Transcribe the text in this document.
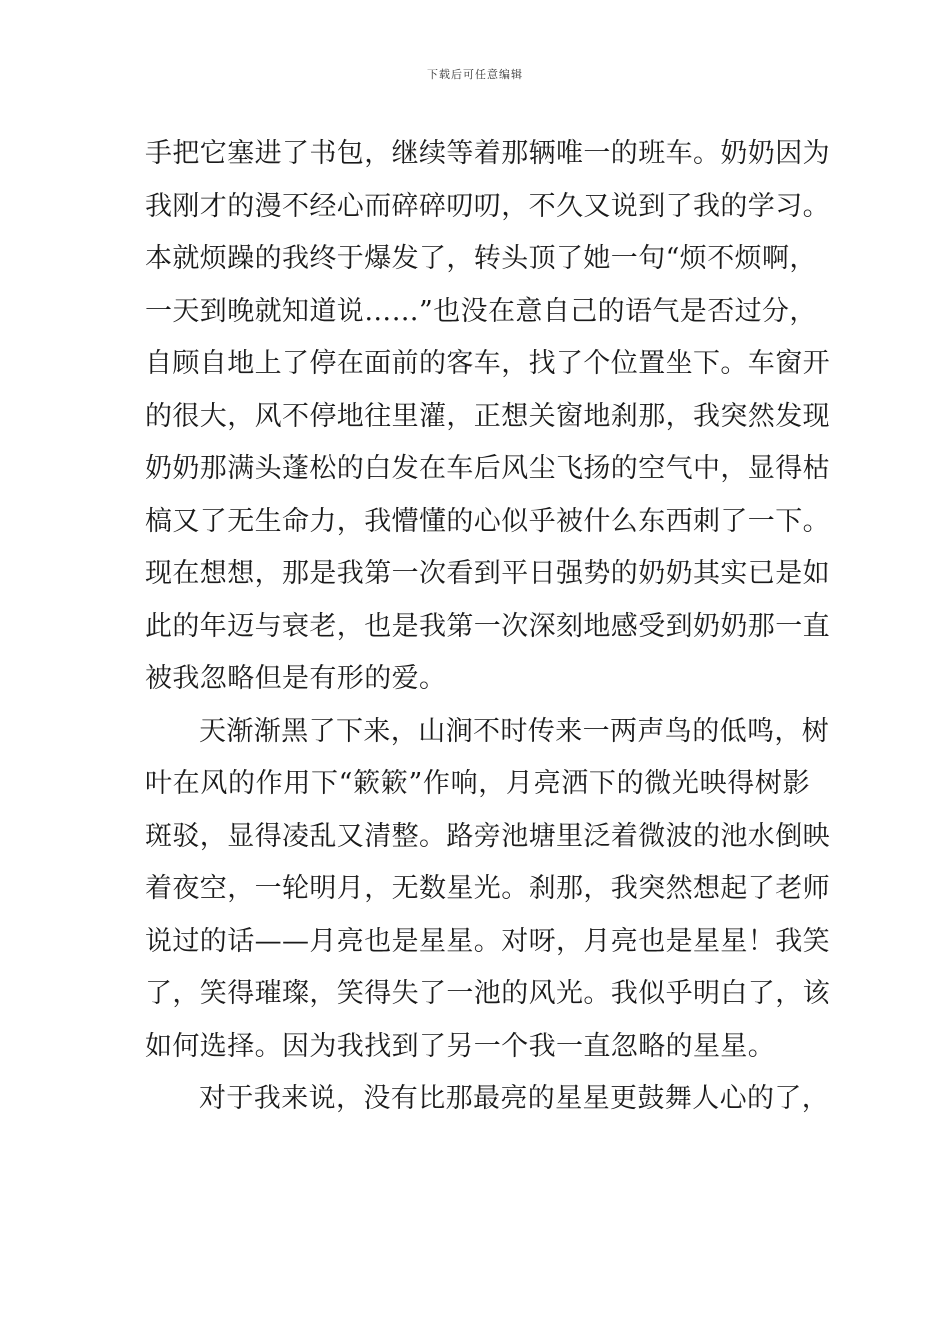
下载后可任意编辑
手把它塞进了书包，继续等着那辆唯一的班车。奶奶因为
我刚才的漫不经心而碎碎叨叨，不久又说到了我的学习。
本就烦躁的我终于爆发了，转头顶了她一句“烦不烦啊，
一天到晚就知道说……”也没在意自己的语气是否过分，
自顾自地上了停在面前的客车，找了个位置坐下。车窗开
的很大，风不停地往里灌，正想关窗地刹那，我突然发现
奶奶那满头蓬松的白发在车后风尘飞扬的空气中，显得枯
槁又了无生命力，我懵懂的心似乎被什么东西刺了一下。
现在想想，那是我第一次看到平日强势的奶奶其实已是如
此的年迈与衰老，也是我第一次深刻地感受到奶奶那一直
被我忽略但是有形的爱。
天渐渐黑了下来，山涧不时传来一两声鸟的低鸣，树
叶在风的作用下“簌簌”作响，月亮洒下的微光映得树影
斑驳，显得凌乱又清整。路旁池塘里泛着微波的池水倒映
着夜空，一轮明月，无数星光。刹那，我突然想起了老师
说过的话——月亮也是星星。对呀，月亮也是星星！我笑
了，笑得璀璨，笑得失了一池的风光。我似乎明白了，该
如何选择。因为我找到了另一个我一直忽略的星星。
对于我来说，没有比那最亮的星星更鼓舞人心的了，
